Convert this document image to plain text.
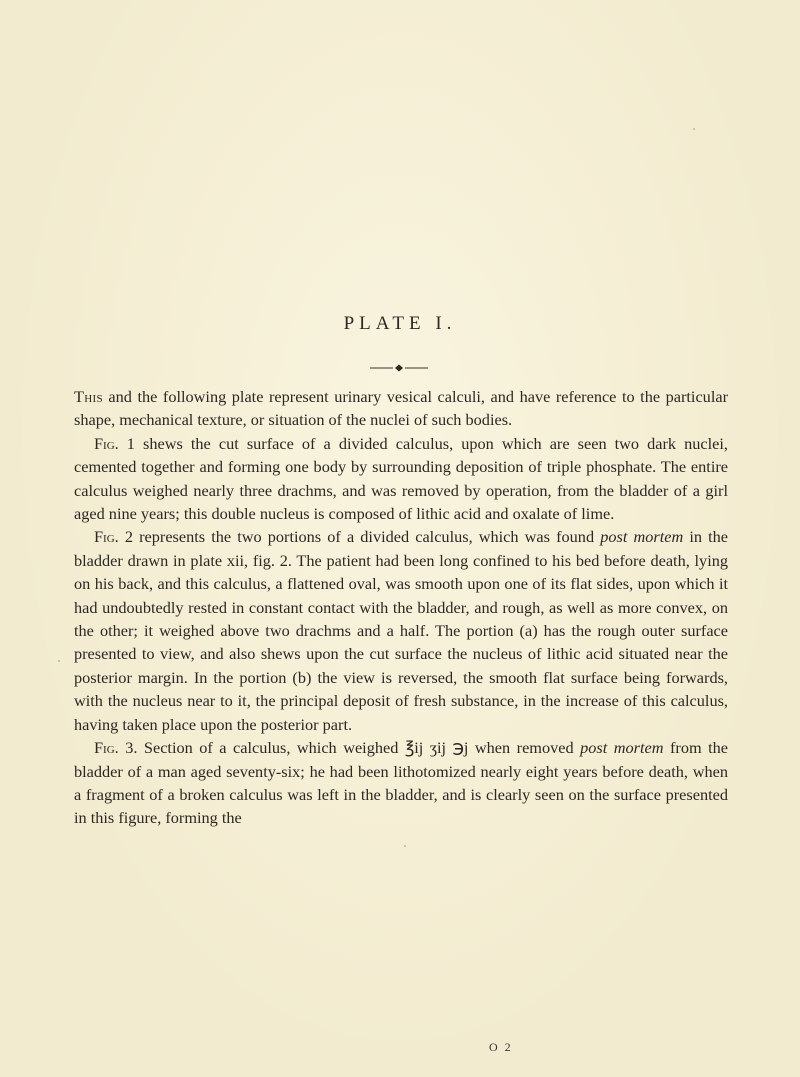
PLATE I.

This and the following plate represent urinary vesical calculi, and have reference to the particular shape, mechanical texture, or situation of the nuclei of such bodies.

Fig. 1 shews the cut surface of a divided calculus, upon which are seen two dark nuclei, cemented together and forming one body by surrounding deposition of triple phosphate. The entire calculus weighed nearly three drachms, and was removed by operation, from the bladder of a girl aged nine years; this double nucleus is composed of lithic acid and oxalate of lime.

Fig. 2 represents the two portions of a divided calculus, which was found post mortem in the bladder drawn in plate xii, fig. 2. The patient had been long confined to his bed before death, lying on his back, and this calculus, a flattened oval, was smooth upon one of its flat sides, upon which it had undoubtedly rested in constant contact with the bladder, and rough, as well as more convex, on the other; it weighed above two drachms and a half. The portion (a) has the rough outer surface presented to view, and also shews upon the cut surface the nucleus of lithic acid situated near the posterior margin. In the portion (b) the view is reversed, the smooth flat surface being forwards, with the nucleus near to it, the principal deposit of fresh substance, in the increase of this calculus, having taken place upon the posterior part.

Fig. 3. Section of a calculus, which weighed ℥ij ʒij ℈j when removed post mortem from the bladder of a man aged seventy-six; he had been lithotomized nearly eight years before death, when a fragment of a broken calculus was left in the bladder, and is clearly seen on the surface presented in this figure, forming the

O 2
